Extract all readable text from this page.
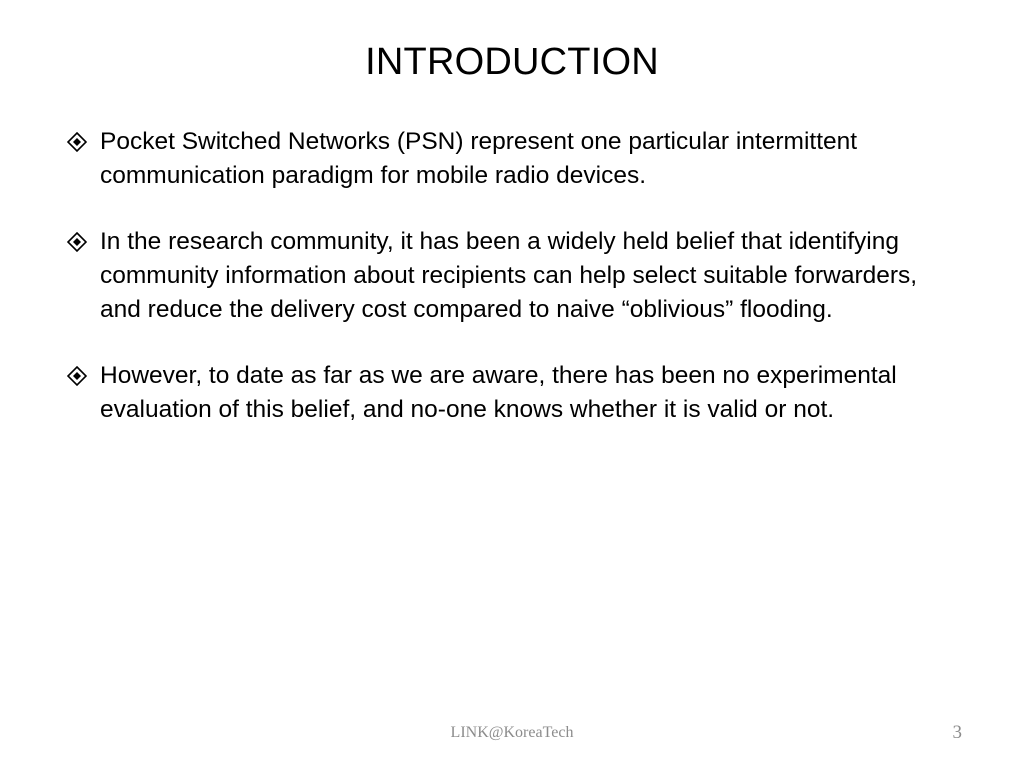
INTRODUCTION
Pocket Switched Networks (PSN) represent one particular intermittent communication paradigm for mobile radio devices.
In the research community, it has been a widely held belief that identifying community information about recipients can help select suitable forwarders, and reduce the delivery cost compared to naive “oblivious” flooding.
However, to date as far as we are aware, there has been no experimental evaluation of this belief, and no-one knows whether it is valid or not.
LINK@KoreaTech	3
